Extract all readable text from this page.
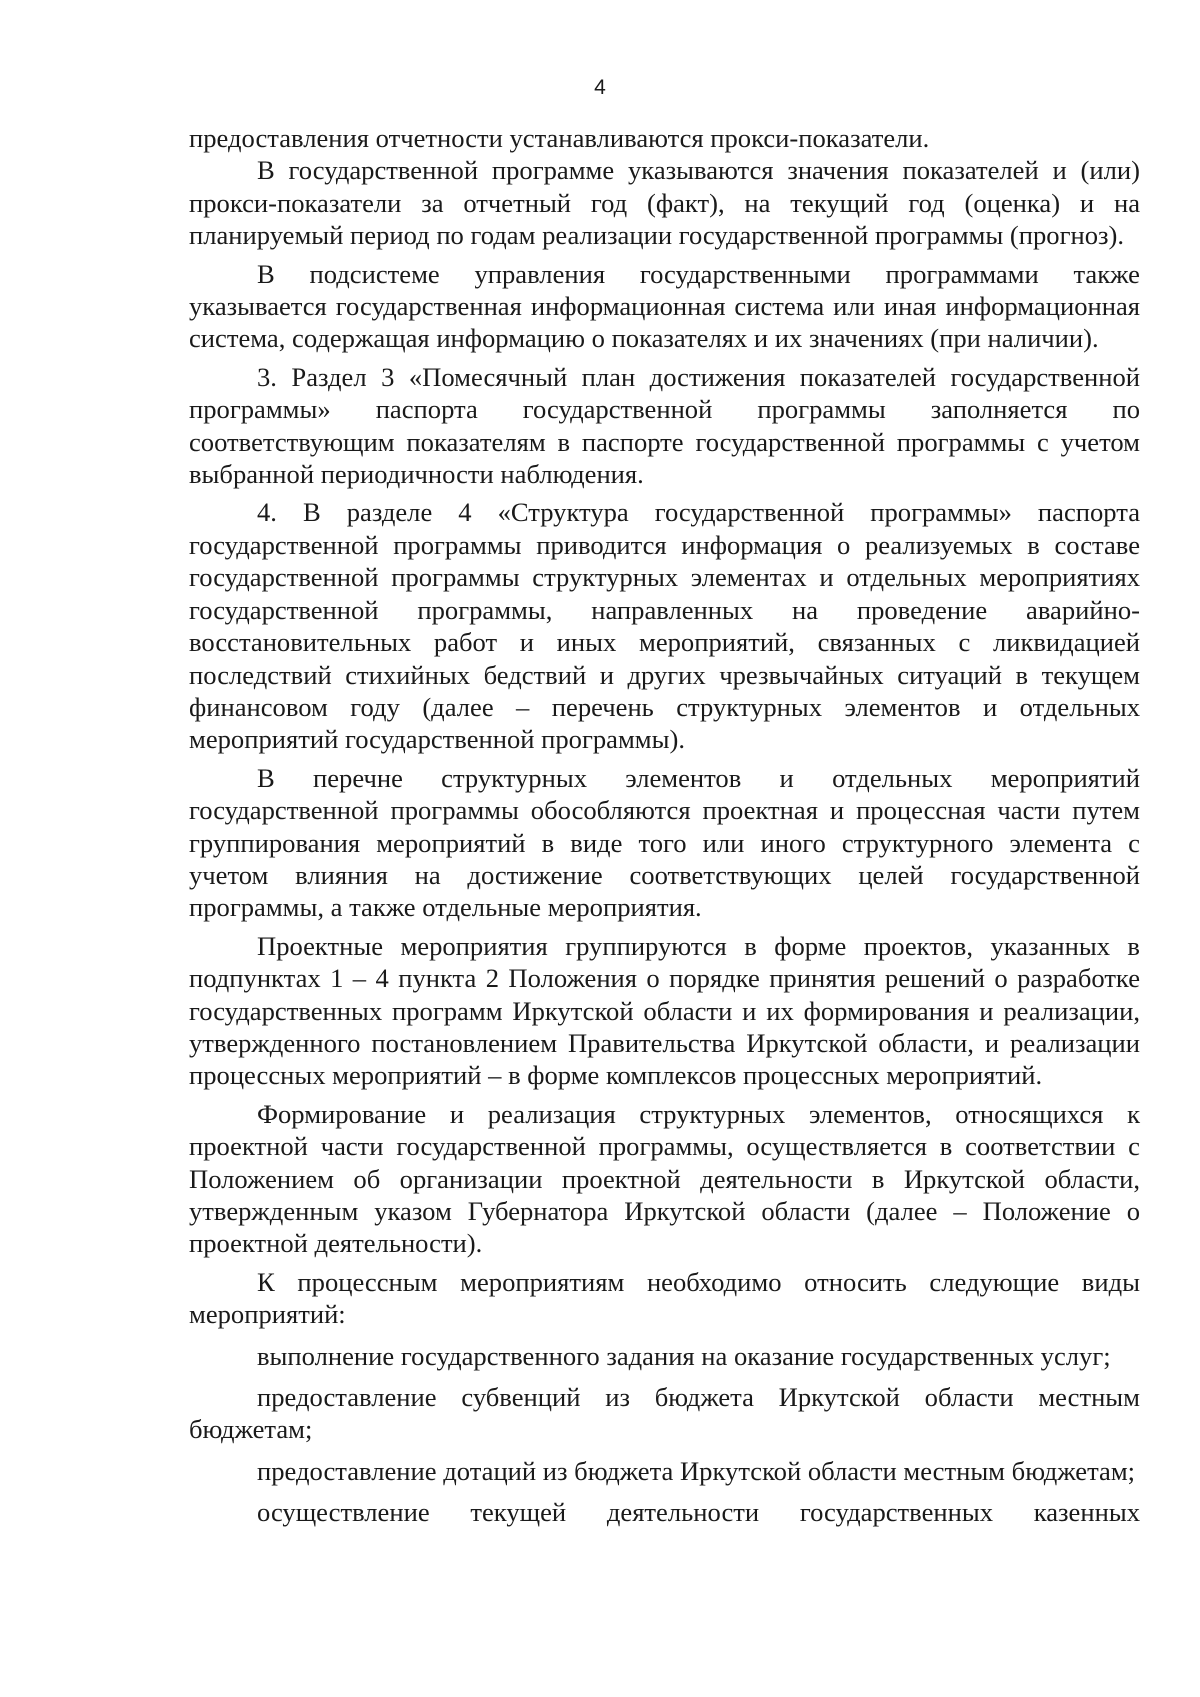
4

предоставления отчетности устанавливаются прокси-показатели.

В государственной программе указываются значения показателей и (или) прокси-показатели за отчетный год (факт), на текущий год (оценка) и на планируемый период по годам реализации государственной программы (прогноз).

В подсистеме управления государственными программами также указывается государственная информационная система или иная информационная система, содержащая информацию о показателях и их значениях (при наличии).

3. Раздел 3 «Помесячный план достижения показателей государственной программы» паспорта государственной программы заполняется по соответствующим показателям в паспорте государственной программы с учетом выбранной периодичности наблюдения.

4. В разделе 4 «Структура государственной программы» паспорта государственной программы приводится информация о реализуемых в составе государственной программы структурных элементах и отдельных мероприятиях государственной программы, направленных на проведение аварийно-восстановительных работ и иных мероприятий, связанных с ликвидацией последствий стихийных бедствий и других чрезвычайных ситуаций в текущем финансовом году (далее – перечень структурных элементов и отдельных мероприятий государственной программы).

В перечне структурных элементов и отдельных мероприятий государственной программы обособляются проектная и процессная части путем группирования мероприятий в виде того или иного структурного элемента с учетом влияния на достижение соответствующих целей государственной программы, а также отдельные мероприятия.

Проектные мероприятия группируются в форме проектов, указанных в подпунктах 1 – 4 пункта 2 Положения о порядке принятия решений о разработке государственных программ Иркутской области и их формирования и реализации, утвержденного постановлением Правительства Иркутской области, и реализации процессных мероприятий – в форме комплексов процессных мероприятий.

Формирование и реализация структурных элементов, относящихся к проектной части государственной программы, осуществляется в соответствии с Положением об организации проектной деятельности в Иркутской области, утвержденным указом Губернатора Иркутской области (далее – Положение о проектной деятельности).

К процессным мероприятиям необходимо относить следующие виды мероприятий:

выполнение государственного задания на оказание государственных услуг;

предоставление субвенций из бюджета Иркутской области местным бюджетам;

предоставление дотаций из бюджета Иркутской области местным бюджетам;

осуществление текущей деятельности государственных казенных
